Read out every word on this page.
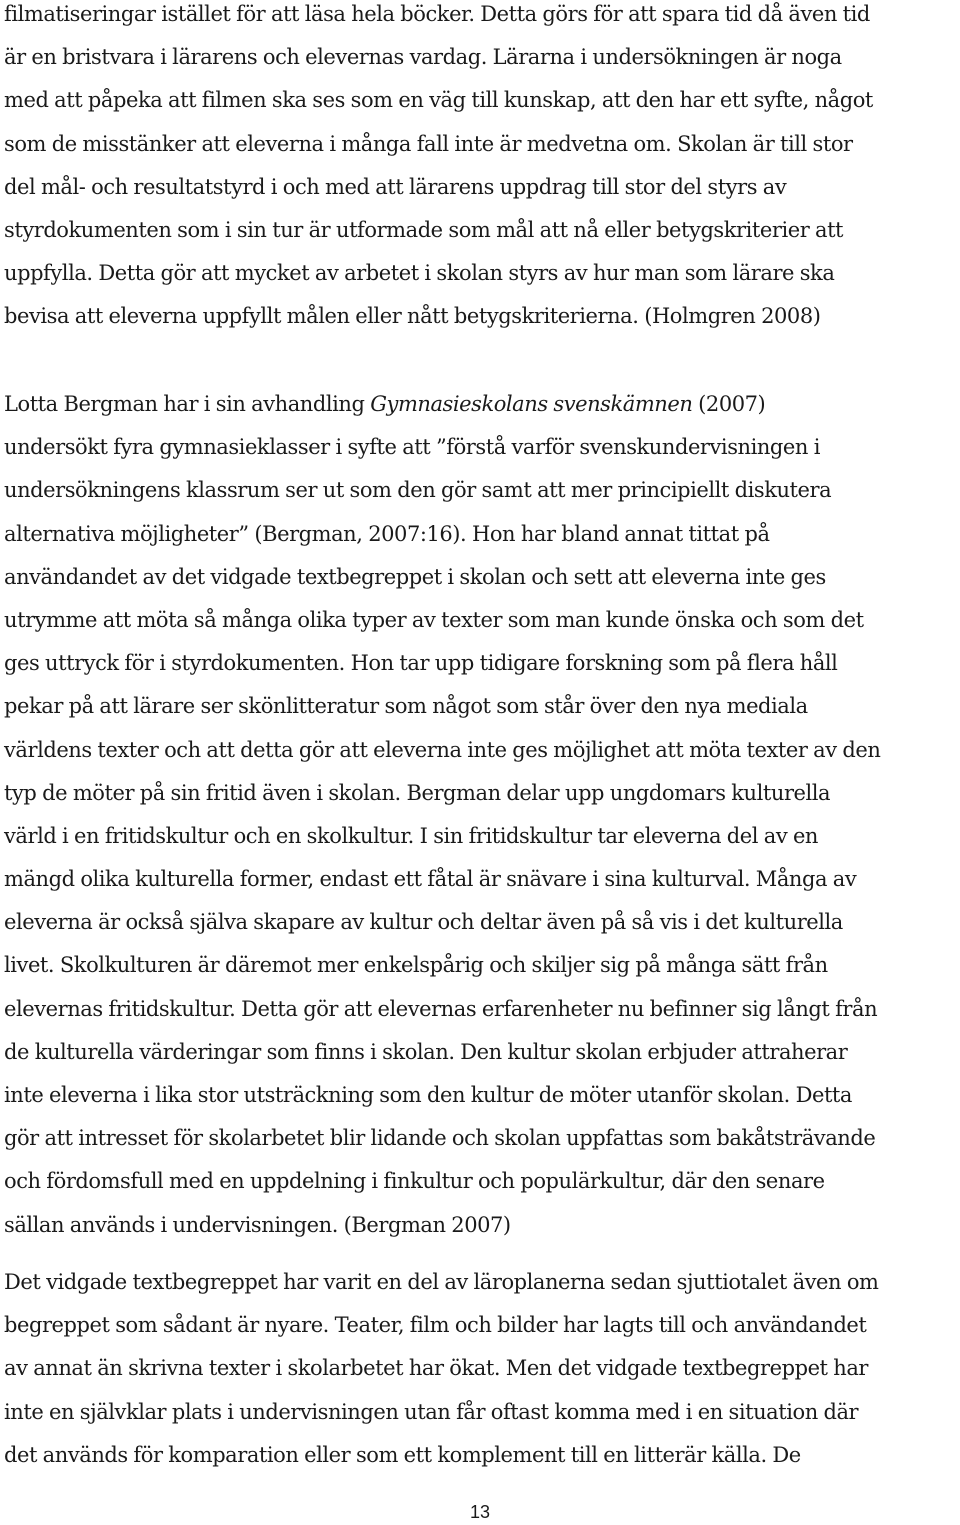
filmatiseringar istället för att läsa hela böcker. Detta görs för att spara tid då även tid
är en bristvara i lärarens och elevernas vardag. Lärarna i undersökningen är noga
med att påpeka att filmen ska ses som en väg till kunskap, att den har ett syfte, något
som de misstänker att eleverna i många fall inte är medvetna om. Skolan är till stor
del mål- och resultatstyrd i och med att lärarens uppdrag till stor del styrs av
styrdokumenten som i sin tur är utformade som mål att nå eller betygskriterier att
uppfylla. Detta gör att mycket av arbetet i skolan styrs av hur man som lärare ska
bevisa att eleverna uppfyllt målen eller nått betygskriterierna. (Holmgren 2008)
Lotta Bergman har i sin avhandling Gymnasieskolans svenskämnen (2007)
undersökt fyra gymnasieklasser i syfte att ”förstå varför svenskundervisningen i
undersökningens klassrum ser ut som den gör samt att mer principiellt diskutera
alternativa möjligheter” (Bergman, 2007:16). Hon har bland annat tittat på
användandet av det vidgade textbegreppet i skolan och sett att eleverna inte ges
utrymme att möta så många olika typer av texter som man kunde önska och som det
ges uttryck för i styrdokumenten. Hon tar upp tidigare forskning som på flera håll
pekar på att lärare ser skönlitteratur som något som står över den nya mediala
världens texter och att detta gör att eleverna inte ges möjlighet att möta texter av den
typ de möter på sin fritid även i skolan. Bergman delar upp ungdomars kulturella
värld i en fritidskultur och en skolkultur. I sin fritidskultur tar eleverna del av en
mängd olika kulturella former, endast ett fåtal är snävare i sina kulturval. Många av
eleverna är också själva skapare av kultur och deltar även på så vis i det kulturella
livet. Skolkulturen är däremot mer enkelspårig och skiljer sig på många sätt från
elevernas fritidskultur. Detta gör att elevernas erfarenheter nu befinner sig långt från
de kulturella värderingar som finns i skolan. Den kultur skolan erbjuder attraherar
inte eleverna i lika stor utsträckning som den kultur de möter utanför skolan. Detta
gör att intresset för skolarbetet blir lidande och skolan uppfattas som bakåtsträvande
och fördomsfull med en uppdelning i finkultur och populärkultur, där den senare
sällan används i undervisningen. (Bergman 2007)
Det vidgade textbegreppet har varit en del av läroplanerna sedan sjuttiotalet även om
begreppet som sådant är nyare. Teater, film och bilder har lagts till och användandet
av annat än skrivna texter i skolarbetet har ökat. Men det vidgade textbegreppet har
inte en självklar plats i undervisningen utan får oftast komma med i en situation där
det används för komparation eller som ett komplement till en litterär källa. De
13
